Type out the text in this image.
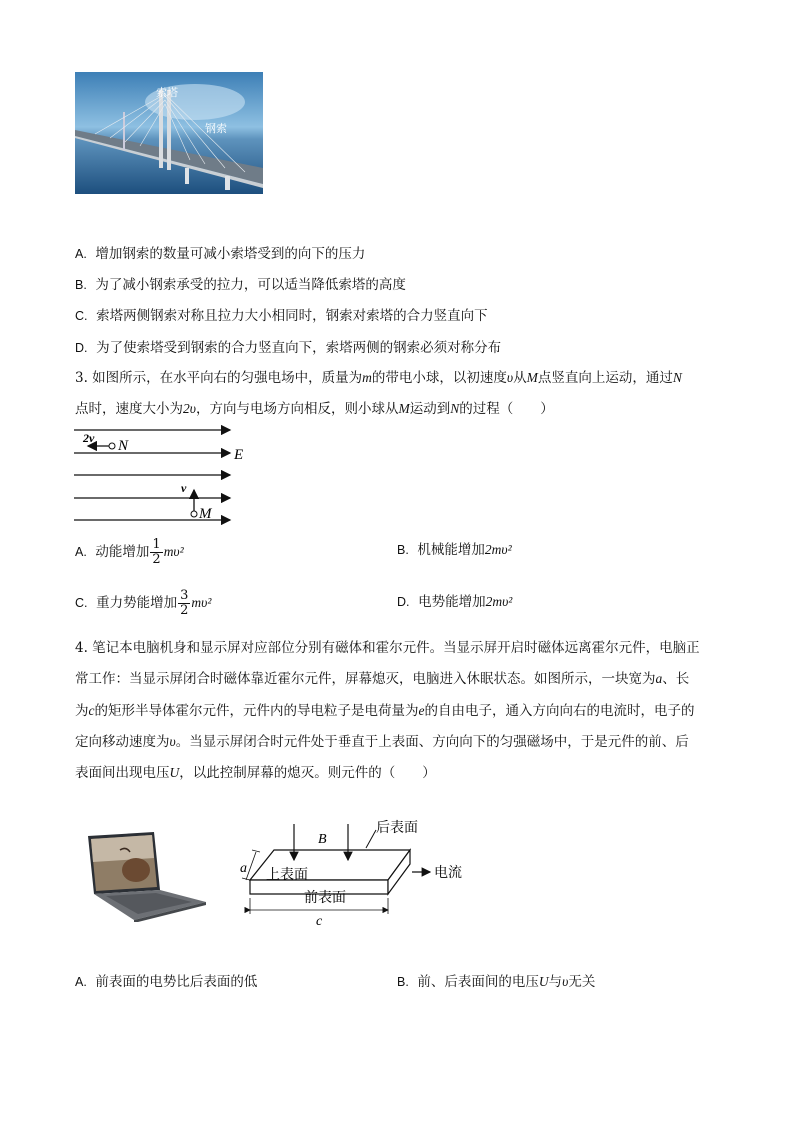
索塔
钢索
A. 增加钢索的数量可减小索塔受到的向下的压力
B. 为了减小钢索承受的拉力，可以适当降低索塔的高度
C. 索塔两侧钢索对称且拉力大小相同时，钢索对索塔的合力竖直向下
D. 为了使索塔受到钢索的合力竖直向下，索塔两侧的钢索必须对称分布
3. 如图所示，在水平向右的匀强电场中，质量为m的带电小球，以初速度υ从M点竖直向上运动，通过N
点时，速度大小为2υ，方向与电场方向相反，则小球从M运动到N的过程（　　）
2v N
E
v
M
A.
动能增加 $\frac{1}{2} m\upsilon^2$	B. 机械能增加2mυ²
C.
重力势能增加 $\frac{3}{2} m\upsilon^2$	D. 电势能增加2mυ²
4. 笔记本电脑机身和显示屏对应部位分别有磁体和霍尔元件。当显示屏开启时磁体远离霍尔元件，电脑正
常工作：当显示屏闭合时磁体靠近霍尔元件，屏幕熄灭，电脑进入休眠状态。如图所示，一块宽为a、长
为c的矩形半导体霍尔元件，元件内的导电粒子是电荷量为e的自由电子，通入方向向右的电流时，电子的
定向移动速度为υ。当显示屏闭合时元件处于垂直于上表面、方向向下的匀强磁场中，于是元件的前、后
表面间出现电压U，以此控制屏幕的熄灭。则元件的（　　）
B
后表面
上表面
前表面
电流
a
c
A. 前表面的电势比后表面的低	B. 前、后表面间的电压U与υ无关
